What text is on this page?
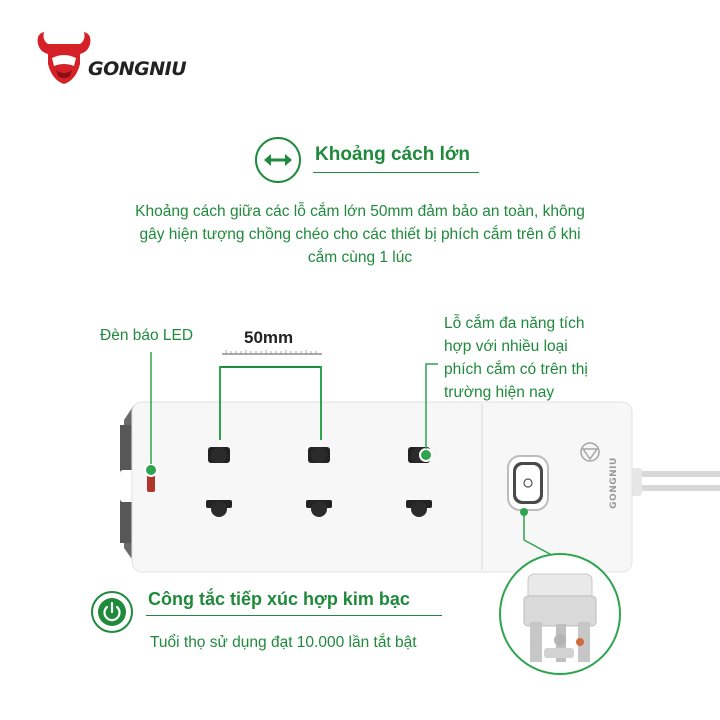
GONGNIU
Khoảng cách lớn
Khoảng cách giữa các lỗ cắm lớn 50mm đảm bảo an toàn, không
gây hiện tượng chồng chéo cho các thiết bị phích cắm trên ổ khi
cắm cùng 1 lúc
GONGNIU
Đèn báo LED	50mm
Lỗ cắm đa năng tích
hợp với nhiều loại
phích cắm có trên thị
trường hiện nay
Công tắc tiếp xúc hợp kim bạc
Tuổi thọ sử dụng đạt 10.000 lần tắt bật
